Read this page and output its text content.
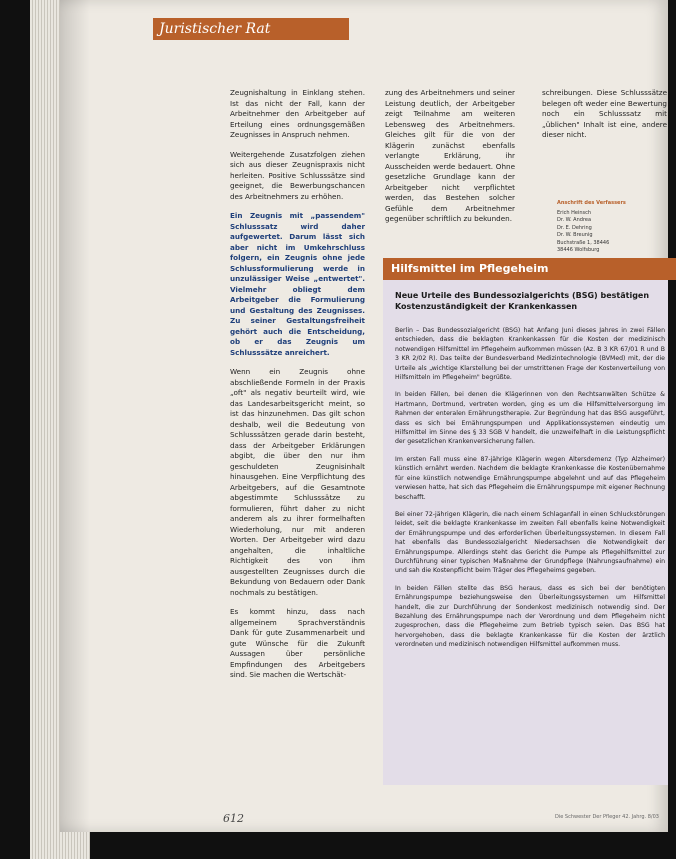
Juristischer Rat

Zeugnishaltung in Einklang stehen. Ist das nicht der Fall, kann der Arbeitnehmer den Arbeitgeber auf Erteilung eines ordnungsgemäßen Zeugnisses in Anspruch nehmen.

Weitergehende Zusatzfolgen ziehen sich aus dieser Zeugnispraxis nicht herleiten. Positive Schlusssätze sind geeignet, die Bewerbungschancen des Arbeitnehmers zu erhöhen.

Ein Zeugnis mit „passendem" Schlusssatz wird daher aufgewertet. Darum lässt sich aber nicht im Umkehrschluss folgern, ein Zeugnis ohne jede Schlussformulierung werde in unzulässiger Weise „entwertet". Vielmehr obliegt dem Arbeitgeber die Formulierung und Gestaltung des Zeugnisses. Zu seiner Gestaltungsfreiheit gehört auch die Entscheidung, ob er das Zeugnis um Schlusssätze anreichert.

Wenn ein Zeugnis ohne abschließende Formeln in der Praxis „oft" als negativ beurteilt wird, wie das Landesarbeitsgericht meint, so ist das hinzunehmen. Das gilt schon deshalb, weil die Bedeutung von Schlusssätzen gerade darin besteht, dass der Arbeitgeber Erklärungen abgibt, die über den nur ihm geschuldeten Zeugnisinhalt hinausgehen. Eine Verpflichtung des Arbeitgebers, auf die Gesamtnote abgestimmte Schlusssätze zu formulieren, führt daher zu nicht anderem als zu ihrer formelhaften Wiederholung, nur mit anderen Worten. Der Arbeitgeber wird dazu angehalten, die inhaltliche Richtigkeit des von ihm ausgestellten Zeugnisses durch die Bekundung von Bedauern oder Dank nochmals zu bestätigen.

Es kommt hinzu, dass nach allgemeinem Sprachverständnis Dank für gute Zusammenarbeit und gute Wünsche für die Zukunft Aussagen über persönliche Empfindungen des Arbeitgebers sind. Sie machen die Wertschät-

zung des Arbeitnehmers und seiner Leistung deutlich, der Arbeitgeber zeigt Teilnahme am weiteren Lebensweg des Arbeitnehmers. Gleiches gilt für die von der Klägerin zunächst ebenfalls verlangte Erklärung, ihr Ausscheiden werde bedauert. Ohne gesetzliche Grundlage kann der Arbeitgeber nicht verpflichtet werden, das Bestehen solcher Gefühle dem Arbeitnehmer gegenüber schriftlich zu bekunden.

schreibungen. Diese Schlusssätze belegen oft weder eine Bewertung noch ein Schlusssatz mit „üblichen" Inhalt ist eine, andere dieser nicht.

Anschrift des Verfassers
Erich Heinsch
Dr. W. Andrea
Dr. E. Dehring
Dr. W. Breunig
Buchstraße 1, 38446
38446 Wolfsburg
Hilfsmittel im Pflegeheim
Neue Urteile des Bundessozialgerichts (BSG) bestätigen Kostenzuständigkeit der Krankenkassen

Berlin – Das Bundessozialgericht (BSG) hat Anfang Juni dieses Jahres in zwei Fällen entschieden, dass die beklagten Krankenkassen für die Kosten der medizinisch notwendigen Hilfsmittel im Pflegeheim aufkommen müssen (Az. B 3 KR 67/01 R und B 3 KR 2/02 R). Das teilte der Bundesverband Medizintechnologie (BVMed) mit, der die Urteile als „wichtige Klarstellung bei der umstrittenen Frage der Kostenverteilung von Hilfsmitteln im Pflegeheim" begrüßte.

In beiden Fällen, bei denen die Klägerinnen von den Rechtsanwälten Schütze & Hartmann, Dortmund, vertreten worden, ging es um die Hilfsmittelversorgung im Rahmen der enteralen Ernährungstherapie. Zur Begründung hat das BSG ausgeführt, dass es sich bei Ernährungspumpen und Applikationssystemen eindeutig um Hilfsmittel im Sinne des § 33 SGB V handelt, die unzweifelhaft in die Leistungspflicht der gesetzlichen Krankenversicherung fallen.

Im ersten Fall muss eine 87-jährige Klägerin wegen Altersdemenz (Typ Alzheimer) künstlich ernährt werden. Nachdem die beklagte Krankenkasse die Kostenübernahme für eine künstlich notwendige Ernährungspumpe abgelehnt und auf das Pflegeheim verwiesen hatte, hat sich das Pflegeheim die Ernährungspumpe mit eigener Rechnung beschafft.

Bei einer 72-jährigen Klägerin, die nach einem Schlaganfall in einen Schluckstörungen leidet, seit die beklagte Krankenkasse im zweiten Fall ebenfalls keine Notwendigkeit der Ernährungspumpe und des erforderlichen Überleitungssystemen. In diesem Fall hat ebenfalls das Bundessozialgericht Niedersachsen die Notwendigkeit der Ernährungspumpe. Allerdings steht das Gericht die Pumpe als Pflegehilfsmittel zur Durchführung einer typischen Maßnahme der Grundpflege (Nahrungsaufnahme) ein und sah die Kostenpflicht beim Träger des Pflegeheims gegeben.

In beiden Fällen stellte das BSG heraus, dass es sich bei der benötigten Ernährungspumpe beziehungsweise den Überleitungssystemen um Hilfsmittel handelt, die zur Durchführung der Sondenkost medizinisch notwendig sind. Der Bezahlung des Ernährungspumpe nach der Verordnung und dem Pflegeheim nicht zugesprochen, dass die Pflegeheime zum Betrieb typisch seien. Das BSG hat hervorgehoben, dass die beklagte Krankenkasse für die Kosten der ärztlich verordneten und medizinisch notwendigen Hilfsmittel aufkommen muss.

612	Die Schwester Der Pfleger 42. Jahrg. 8/03
